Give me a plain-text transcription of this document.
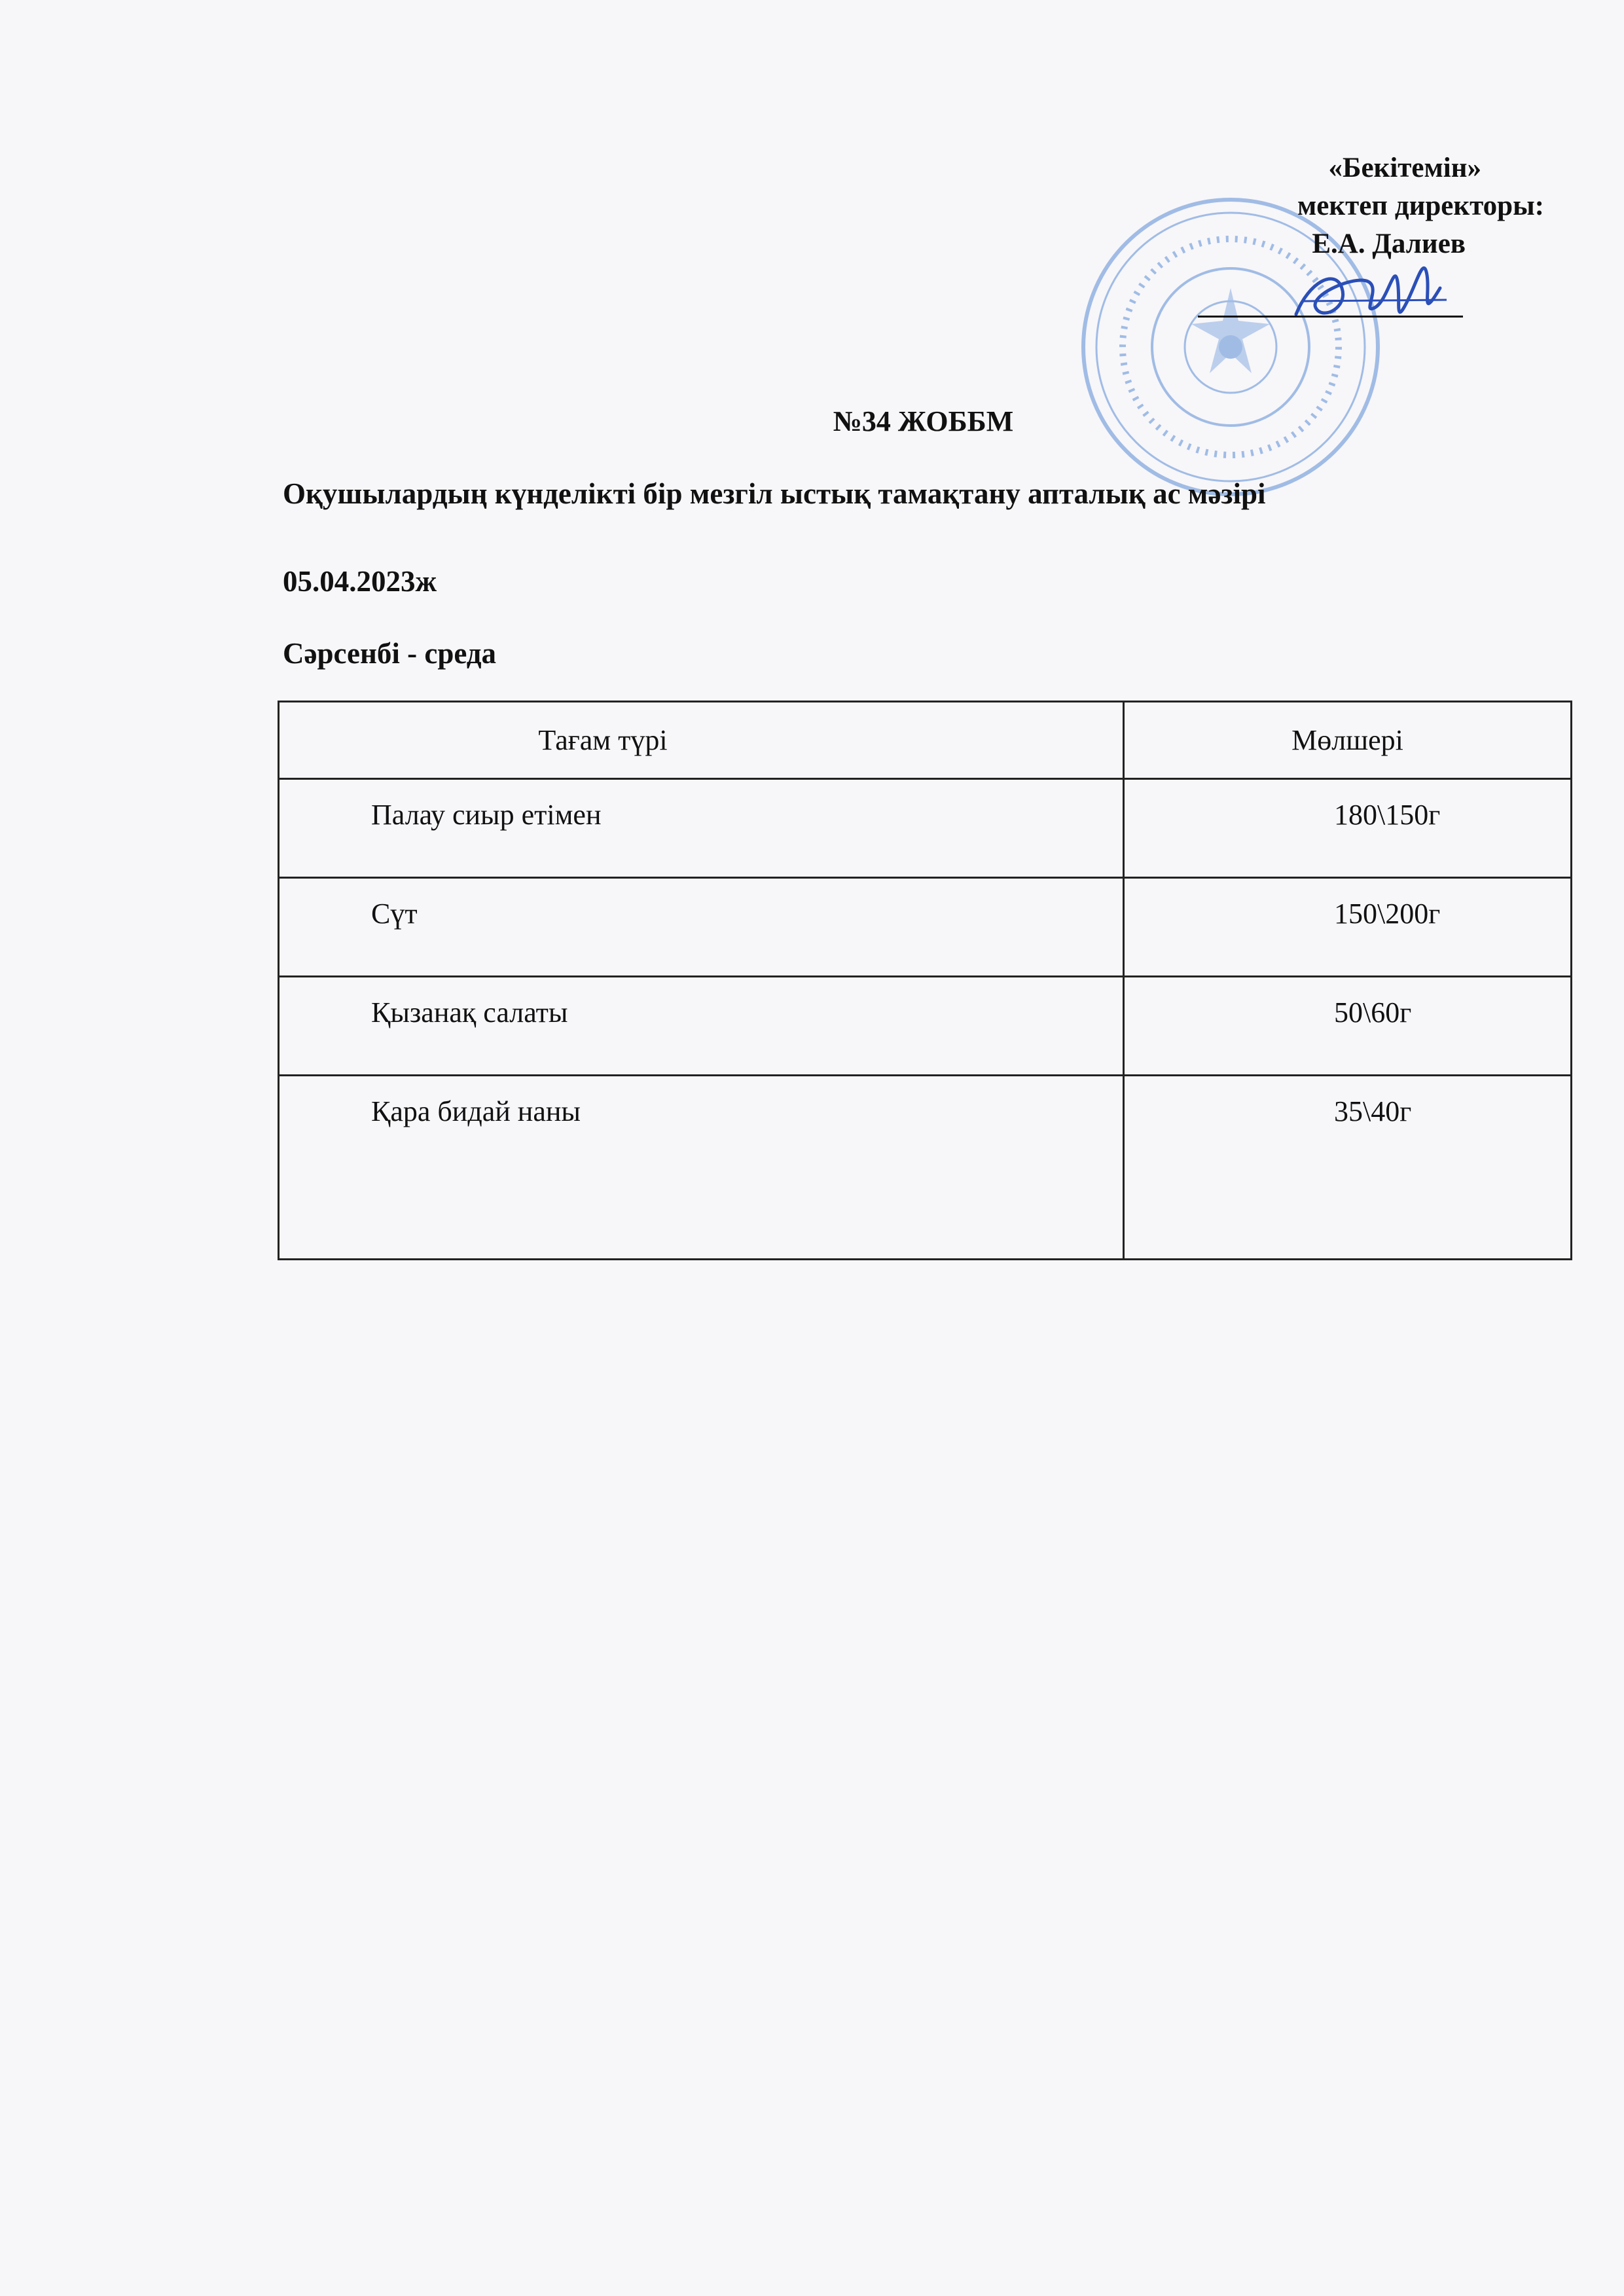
«Бекітемін»
мектеп директоры:
Е.А. Далиев
№34 ЖОББМ
Оқушылардың күнделікті бір мезгіл ыстық тамақтану апталық ас мәзірі
05.04.2023ж
Сәрсенбі - среда
Тағам түрі	Мөлшері
Палау сиыр етімен	180\150г
Сүт	150\200г
Қызанақ салаты	50\60г
Қара бидай наны	35\40г
